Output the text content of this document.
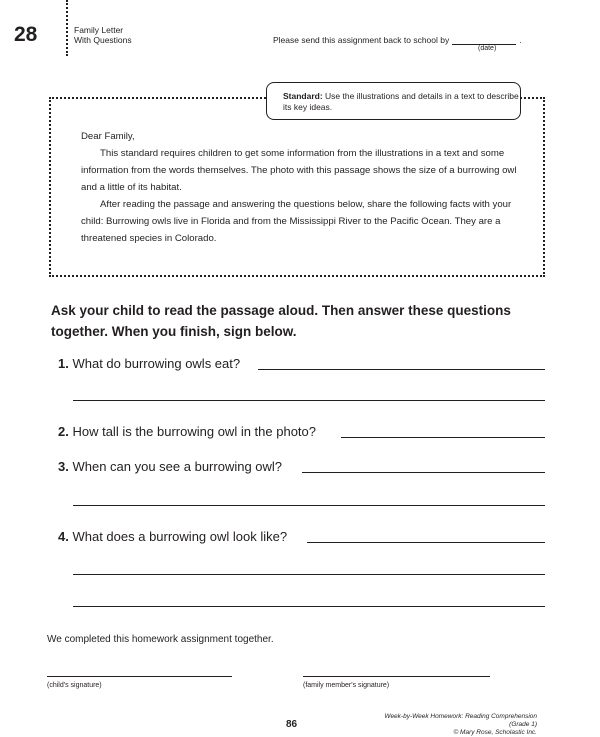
28	Family Letter
With Questions	Please send this assignment back to school by	.
(date)
Standard: Use the illustrations and details in a text to describe its key ideas.

Dear Family,

This standard requires children to get some information from the illustrations in a text and some information from the words themselves. The photo with this passage shows the size of a burrowing owl and a little of its habitat.

After reading the passage and answering the questions below, share the following facts with your child: Burrowing owls live in Florida and from the Mississippi River to the Pacific Ocean. They are a threatened species in Colorado.

Ask your child to read the passage aloud. Then answer these questions together. When you finish, sign below.
1. What do burrowing owls eat?
2. How tall is the burrowing owl in the photo?
3. When can you see a burrowing owl?
4. What does a burrowing owl look like?
We completed this homework assignment together.
(child's signature)	(family member's signature)
86
Week-by-Week Homework: Reading Comprehension (Grade 1)
© Mary Rose, Scholastic Inc.
